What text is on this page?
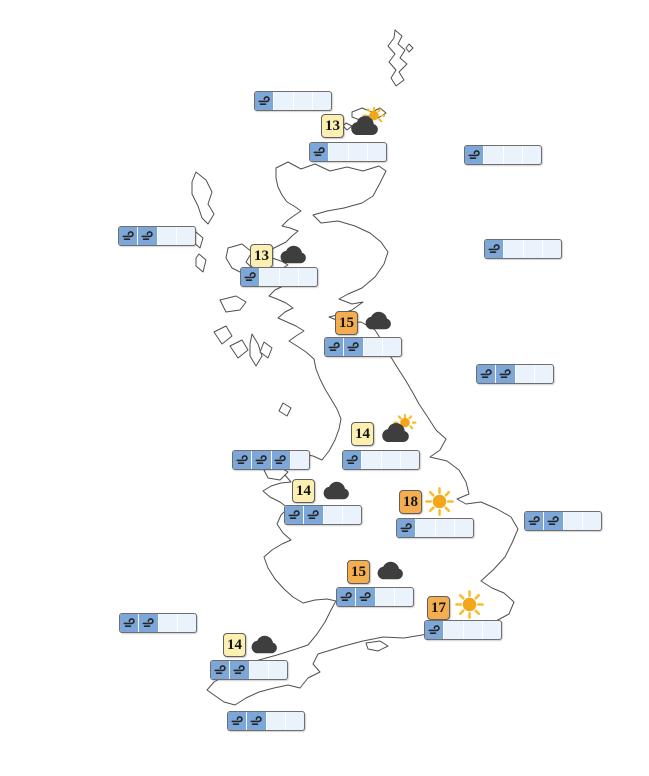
13
13
15
14
14
18
15
17
14
